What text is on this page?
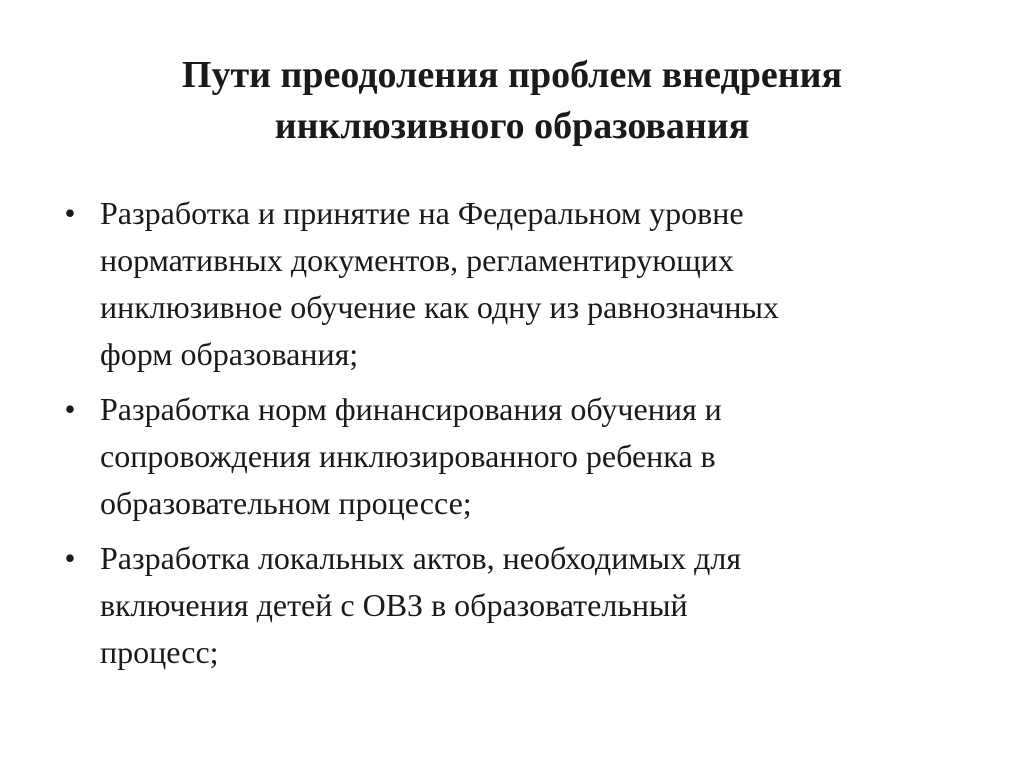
Пути преодоления проблем внедрения
инклюзивного образования
• Разработка и принятие на Федеральном уровне
нормативных документов, регламентирующих
инклюзивное обучение как одну из равнозначных
форм образования;
• Разработка норм финансирования обучения и
сопровождения инклюзированного ребенка в
образовательном процессе;
• Разработка локальных актов, необходимых для
включения детей с ОВЗ в образовательный
процесс;
